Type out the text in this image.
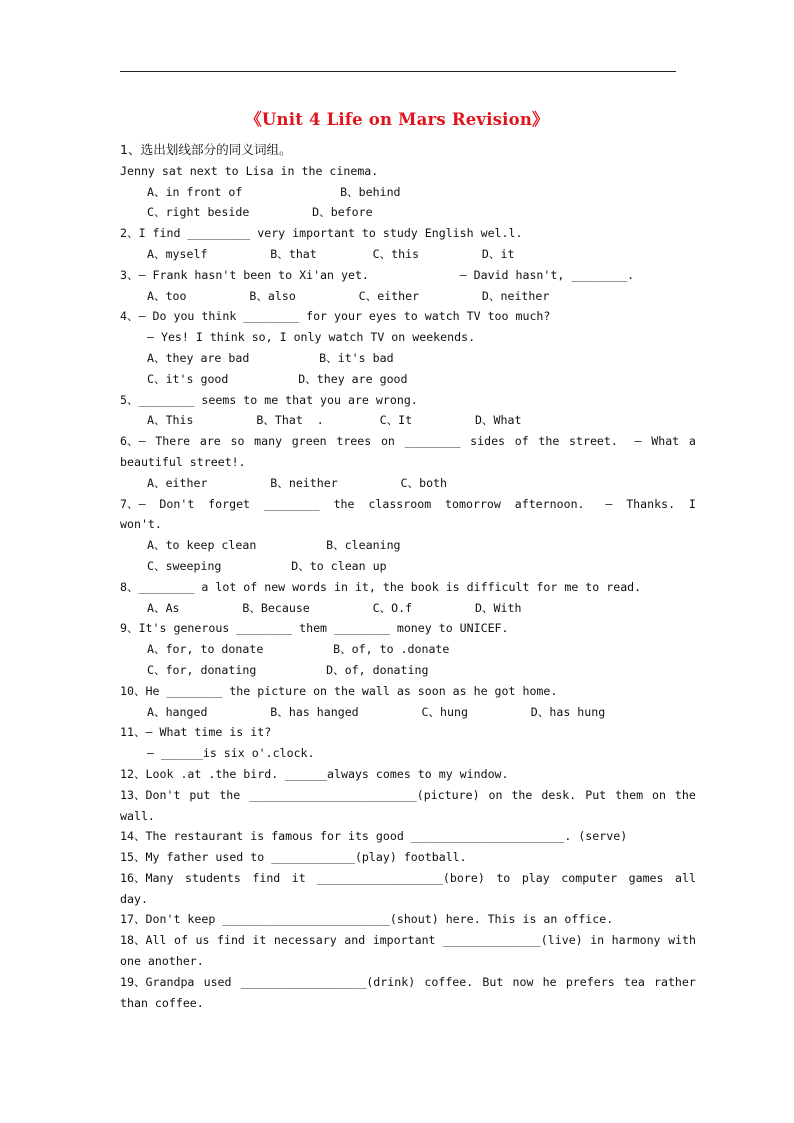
《Unit 4 Life on Mars Revision》
1、选出划线部分的同义词组。
Jenny sat next to Lisa in the cinema.
A、in front of              B、behind
C、right beside         D、before
2、I find _________ very important to study English wel.l.
A、myself         B、that        C、this         D、it
3、— Frank hasn't been to Xi'an yet.             — David hasn't, ________.
A、too         B、also         C、either         D、neither
4、— Do you think ________ for your eyes to watch TV too much?
— Yes! I think so, I only watch TV on weekends.
A、they are bad          B、it's bad
C、it's good          D、they are good
5、________ seems to me that you are wrong.
A、This         B、That  .        C、It         D、What
6、— There are so many green trees on ________ sides of the street. — What a
beautiful street!.
A、either         B、neither         C、both
7、— Don't forget ________ the classroom tomorrow afternoon. — Thanks. I
won't.
A、to keep clean          B、cleaning
C、sweeping          D、to clean up
8、________ a lot of new words in it, the book is difficult for me to read.
A、As         B、Because         C、O.f         D、With
9、It's generous ________ them ________ money to UNICEF.
A、for, to donate          B、of, to .donate
C、for, donating          D、of, donating
10、He ________ the picture on the wall as soon as he got home.
A、hanged         B、has hanged         C、hung         D、has hung
11、— What time is it?
— ______is six o'.clock.
12、Look .at .the bird. ______always comes to my window.
13、Don't put the ________________________(picture) on the desk. Put them on the
wall.
14、The restaurant is famous for its good ______________________. (serve)
15、My father used to ____________(play) football.
16、Many students find it __________________(bore) to play computer games all
day.
17、Don't keep ________________________(shout) here. This is an office.
18、All of us find it necessary and important ______________(live) in harmony with
one another.
19、Grandpa used __________________(drink) coffee. But now he prefers tea rather
than coffee.
